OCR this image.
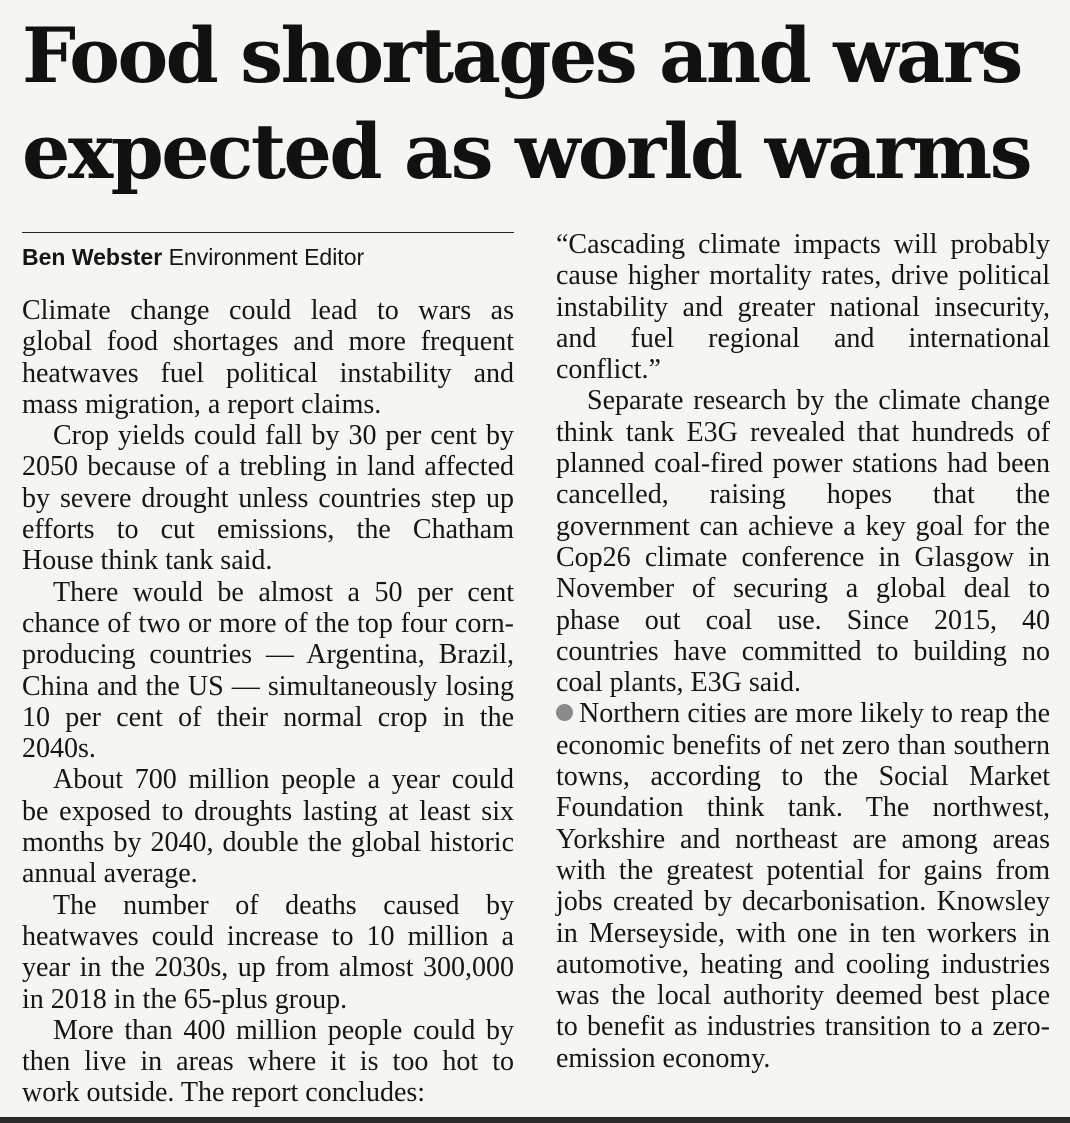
Food shortages and wars
expected as world warms
Ben Webster Environment Editor

Climate change could lead to wars as global food shortages and more frequent heatwaves fuel political instability and mass migration, a report claims.

Crop yields could fall by 30 per cent by 2050 because of a trebling in land affected by severe drought unless countries step up efforts to cut emissions, the Chatham House think tank said.

There would be almost a 50 per cent chance of two or more of the top four corn-producing countries — Argentina, Brazil, China and the US — simultaneously losing 10 per cent of their normal crop in the 2040s.

About 700 million people a year could be exposed to droughts lasting at least six months by 2040, double the global historic annual average.

The number of deaths caused by heatwaves could increase to 10 million a year in the 2030s, up from almost 300,000 in 2018 in the 65-plus group.

More than 400 million people could by then live in areas where it is too hot to work outside. The report concludes:

“Cascading climate impacts will probably cause higher mortality rates, drive political instability and greater national insecurity, and fuel regional and international conflict.”

Separate research by the climate change think tank E3G revealed that hundreds of planned coal-fired power stations had been cancelled, raising hopes that the government can achieve a key goal for the Cop26 climate conference in Glasgow in November of securing a global deal to phase out coal use. Since 2015, 40 countries have committed to building no coal plants, E3G said.

Northern cities are more likely to reap the economic benefits of net zero than southern towns, according to the Social Market Foundation think tank. The northwest, Yorkshire and northeast are among areas with the greatest potential for gains from jobs created by decarbonisation. Knowsley in Merseyside, with one in ten workers in automotive, heating and cooling industries was the local authority deemed best place to benefit as industries transition to a zero-emission economy.
